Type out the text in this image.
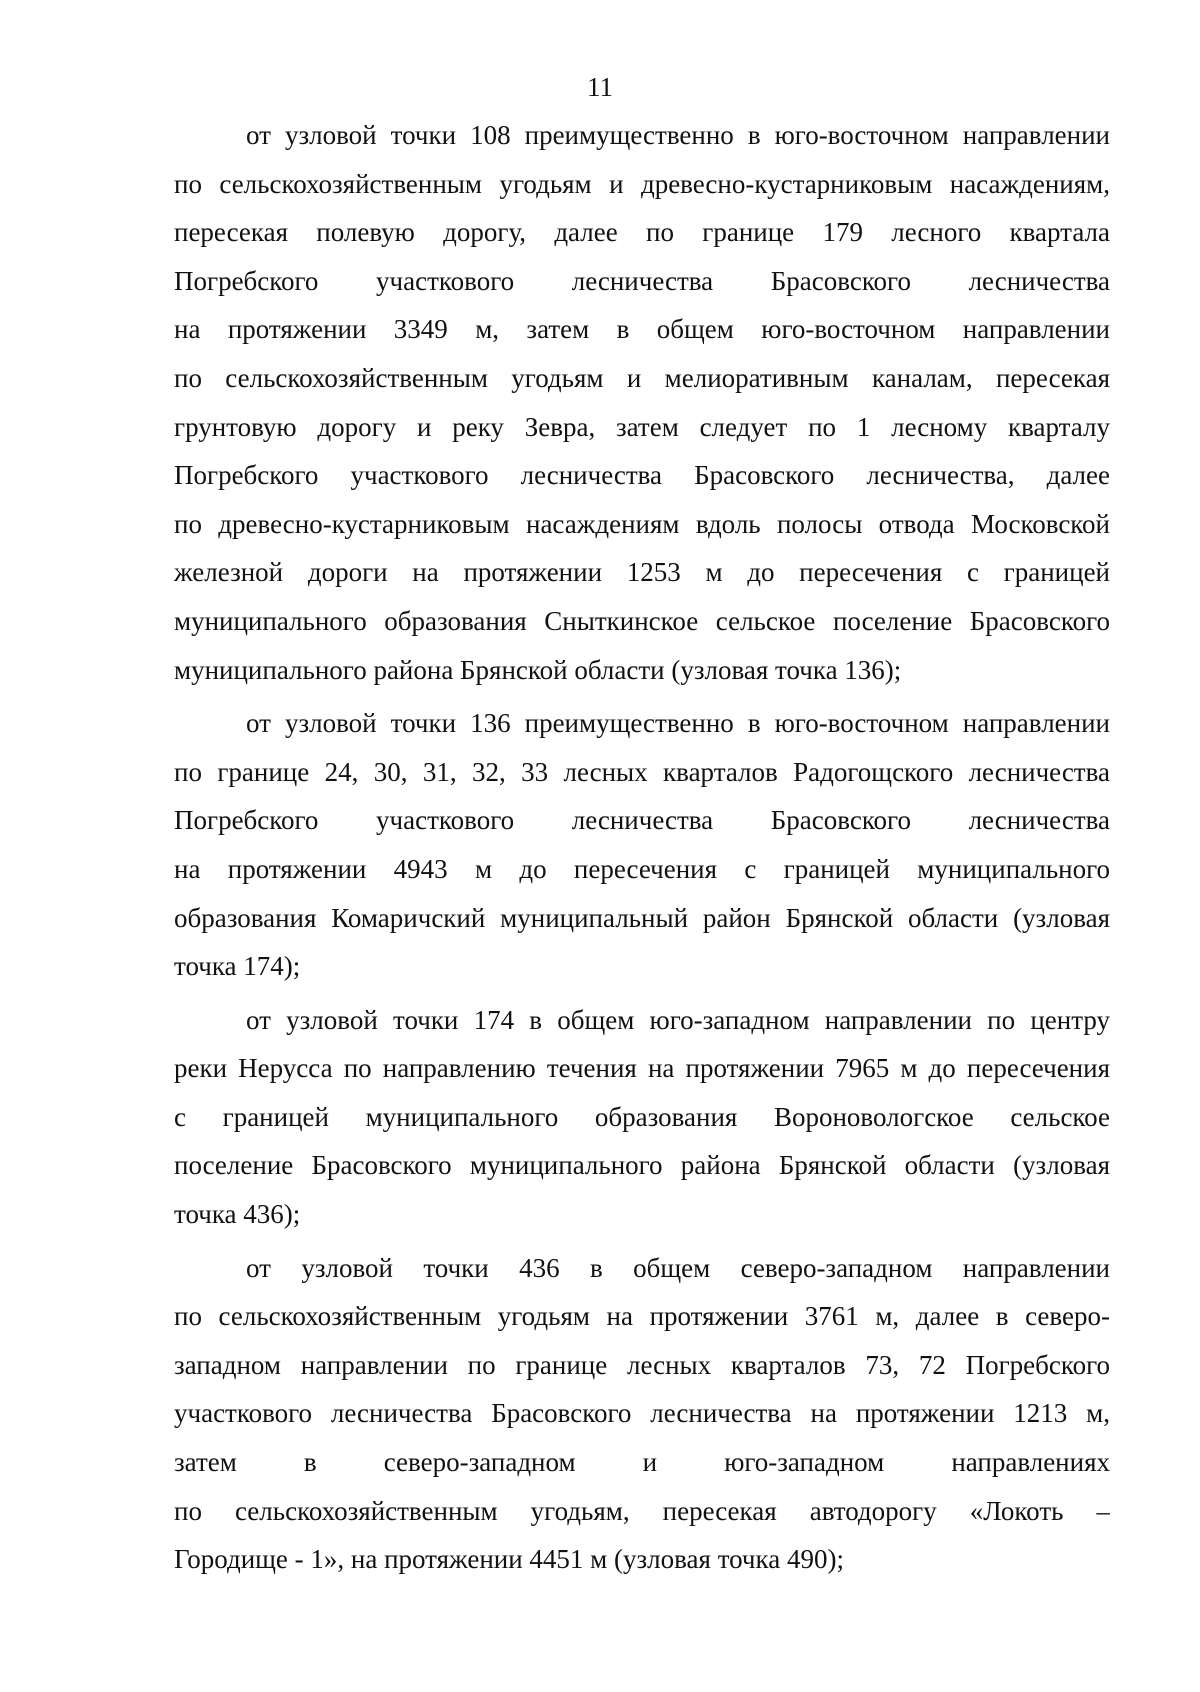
11

от узловой точки 108 преимущественно в юго-восточном направлении
по сельскохозяйственным угодьям и древесно-кустарниковым насаждениям,
пересекая полевую дорогу, далее по границе 179 лесного квартала
Погребского участкового лесничества Брасовского лесничества
на протяжении 3349 м, затем в общем юго-восточном направлении
по сельскохозяйственным угодьям и мелиоративным каналам, пересекая
грунтовую дорогу и реку Зевра, затем следует по 1 лесному кварталу
Погребского участкового лесничества Брасовского лесничества, далее
по древесно-кустарниковым насаждениям вдоль полосы отвода Московской
железной дороги на протяжении 1253 м до пересечения с границей
муниципального образования Сныткинское сельское поселение Брасовского
муниципального района Брянской области (узловая точка 136);

от узловой точки 136 преимущественно в юго-восточном направлении
по границе 24, 30, 31, 32, 33 лесных кварталов Радогощского лесничества
Погребского участкового лесничества Брасовского лесничества
на протяжении 4943 м до пересечения с границей муниципального
образования Комаричский муниципальный район Брянской области (узловая
точка 174);

от узловой точки 174 в общем юго-западном направлении по центру
реки Нерусса по направлению течения на протяжении 7965 м до пересечения
с границей муниципального образования Вороновологское сельское
поселение Брасовского муниципального района Брянской области (узловая
точка 436);

от узловой точки 436 в общем северо-западном направлении
по сельскохозяйственным угодьям на протяжении 3761 м, далее в северо-
западном направлении по границе лесных кварталов 73, 72 Погребского
участкового лесничества Брасовского лесничества на протяжении 1213 м,
затем в северо-западном и юго-западном направлениях
по сельскохозяйственным угодьям, пересекая автодорогу «Локоть –
Городище - 1», на протяжении 4451 м (узловая точка 490);
